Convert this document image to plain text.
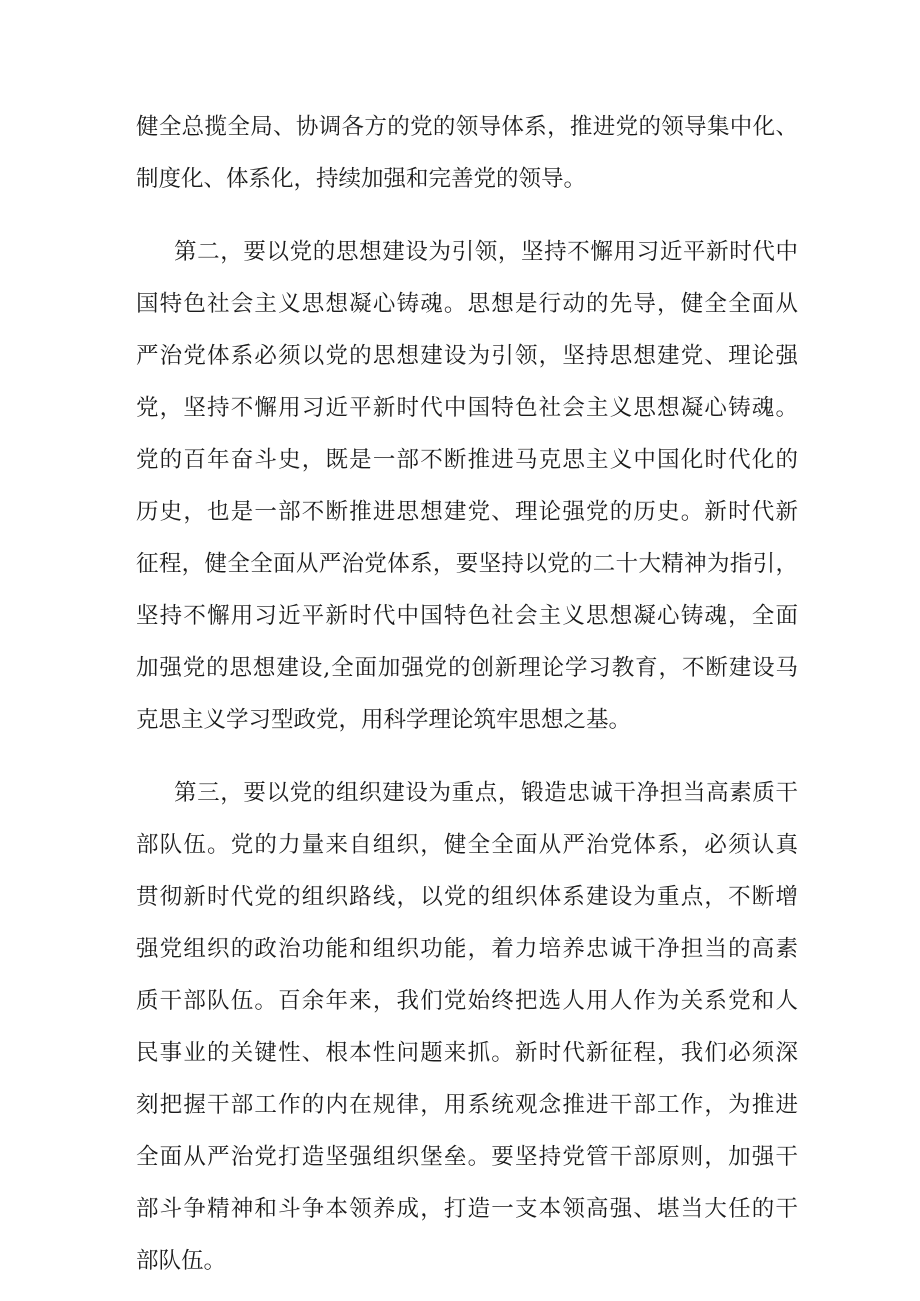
健全总揽全局、协调各方的党的领导体系，推进党的领导集中化、
制度化、体系化，持续加强和完善党的领导。
第二，要以党的思想建设为引领，坚持不懈用习近平新时代中
国特色社会主义思想凝心铸魂。思想是行动的先导，健全全面从
严治党体系必须以党的思想建设为引领，坚持思想建党、理论强
党，坚持不懈用习近平新时代中国特色社会主义思想凝心铸魂。
党的百年奋斗史，既是一部不断推进马克思主义中国化时代化的
历史，也是一部不断推进思想建党、理论强党的历史。新时代新
征程，健全全面从严治党体系，要坚持以党的二十大精神为指引，
坚持不懈用习近平新时代中国特色社会主义思想凝心铸魂，全面
加强党的思想建设,全面加强党的创新理论学习教育，不断建设马
克思主义学习型政党，用科学理论筑牢思想之基。
第三，要以党的组织建设为重点，锻造忠诚干净担当高素质干
部队伍。党的力量来自组织，健全全面从严治党体系，必须认真
贯彻新时代党的组织路线，以党的组织体系建设为重点，不断增
强党组织的政治功能和组织功能，着力培养忠诚干净担当的高素
质干部队伍。百余年来，我们党始终把选人用人作为关系党和人
民事业的关键性、根本性问题来抓。新时代新征程，我们必须深
刻把握干部工作的内在规律，用系统观念推进干部工作，为推进
全面从严治党打造坚强组织堡垒。要坚持党管干部原则，加强干
部斗争精神和斗争本领养成，打造一支本领高强、堪当大任的干
部队伍。
